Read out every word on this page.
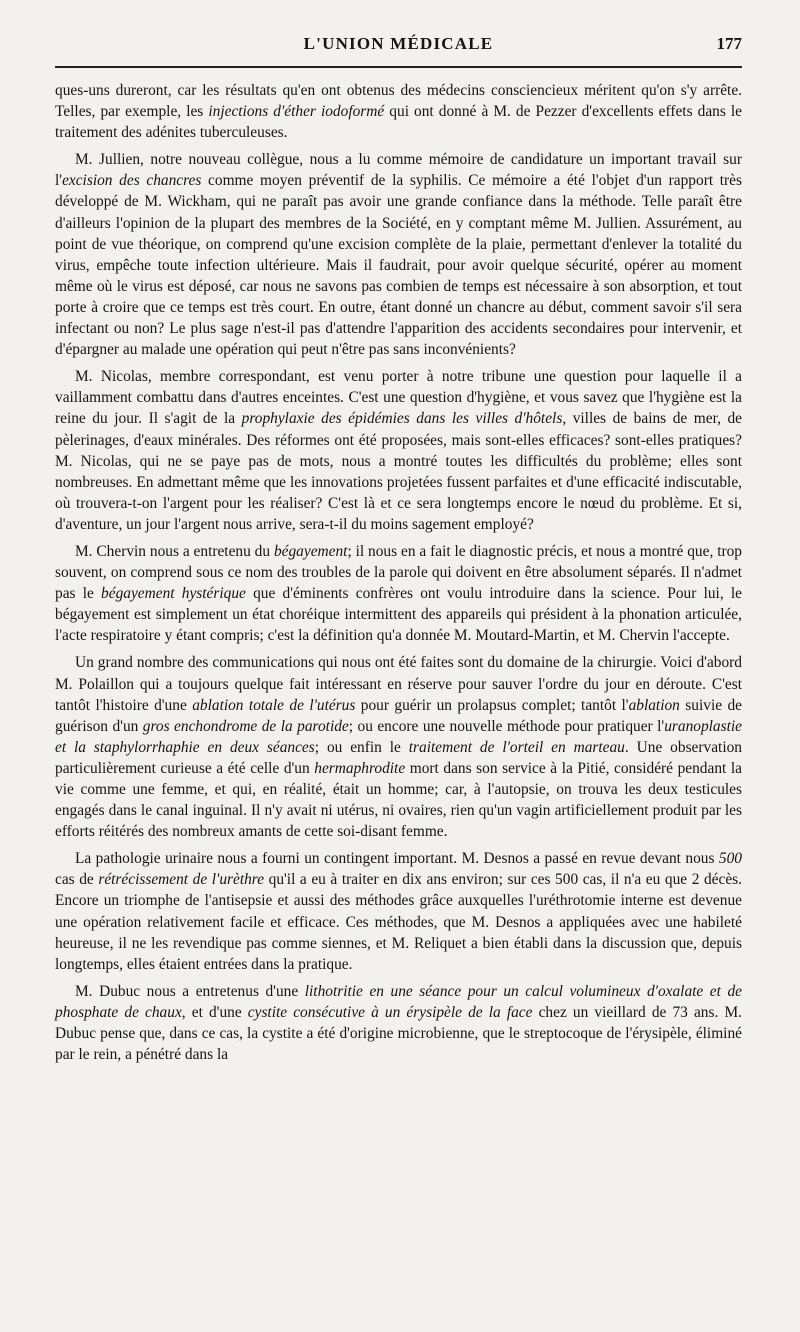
L'UNION MÉDICALE	177

ques-uns dureront, car les résultats qu'en ont obtenus des médecins consciencieux méritent qu'on s'y arrête. Telles, par exemple, les injections d'éther iodoformé qui ont donné à M. de Pezzer d'excellents effets dans le traitement des adénites tuberculeuses.

M. Jullien, notre nouveau collègue, nous a lu comme mémoire de candidature un important travail sur l'excision des chancres comme moyen préventif de la syphilis. Ce mémoire a été l'objet d'un rapport très développé de M. Wickham, qui ne paraît pas avoir une grande confiance dans la méthode. Telle paraît être d'ailleurs l'opinion de la plupart des membres de la Société, en y comptant même M. Jullien. Assurément, au point de vue théorique, on comprend qu'une excision complète de la plaie, permettant d'enlever la totalité du virus, empêche toute infection ultérieure. Mais il faudrait, pour avoir quelque sécurité, opérer au moment même où le virus est déposé, car nous ne savons pas combien de temps est nécessaire à son absorption, et tout porte à croire que ce temps est très court. En outre, étant donné un chancre au début, comment savoir s'il sera infectant ou non? Le plus sage n'est-il pas d'attendre l'apparition des accidents secondaires pour intervenir, et d'épargner au malade une opération qui peut n'être pas sans inconvénients?

M. Nicolas, membre correspondant, est venu porter à notre tribune une question pour laquelle il a vaillamment combattu dans d'autres enceintes. C'est une question d'hygiène, et vous savez que l'hygiène est la reine du jour. Il s'agit de la prophylaxie des épidémies dans les villes d'hôtels, villes de bains de mer, de pèlerinages, d'eaux minérales. Des réformes ont été proposées, mais sont-elles efficaces? sont-elles pratiques? M. Nicolas, qui ne se paye pas de mots, nous a montré toutes les difficultés du problème; elles sont nombreuses. En admettant même que les innovations projetées fussent parfaites et d'une efficacité indiscutable, où trouvera-t-on l'argent pour les réaliser? C'est là et ce sera longtemps encore le nœud du problème. Et si, d'aventure, un jour l'argent nous arrive, sera-t-il du moins sagement employé?

M. Chervin nous a entretenu du bégayement; il nous en a fait le diagnostic précis, et nous a montré que, trop souvent, on comprend sous ce nom des troubles de la parole qui doivent en être absolument séparés. Il n'admet pas le bégayement hystérique que d'éminents confrères ont voulu introduire dans la science. Pour lui, le bégayement est simplement un état choréique intermittent des appareils qui président à la phonation articulée, l'acte respiratoire y étant compris; c'est la définition qu'a donnée M. Moutard-Martin, et M. Chervin l'accepte.

Un grand nombre des communications qui nous ont été faites sont du domaine de la chirurgie. Voici d'abord M. Polaillon qui a toujours quelque fait intéressant en réserve pour sauver l'ordre du jour en déroute. C'est tantôt l'histoire d'une ablation totale de l'utérus pour guérir un prolapsus complet; tantôt l'ablation suivie de guérison d'un gros enchondrome de la parotide; ou encore une nouvelle méthode pour pratiquer l'uranoplastie et la staphylorrhaphie en deux séances; ou enfin le traitement de l'orteil en marteau. Une observation particulièrement curieuse a été celle d'un hermaphrodite mort dans son service à la Pitié, considéré pendant la vie comme une femme, et qui, en réalité, était un homme; car, à l'autopsie, on trouva les deux testicules engagés dans le canal inguinal. Il n'y avait ni utérus, ni ovaires, rien qu'un vagin artificiellement produit par les efforts réitérés des nombreux amants de cette soi-disant femme.

La pathologie urinaire nous a fourni un contingent important. M. Desnos a passé en revue devant nous 500 cas de rétrécissement de l'urèthre qu'il a eu à traiter en dix ans environ; sur ces 500 cas, il n'a eu que 2 décès. Encore un triomphe de l'antisepsie et aussi des méthodes grâce auxquelles l'uréthrotomie interne est devenue une opération relativement facile et efficace. Ces méthodes, que M. Desnos a appliquées avec une habileté heureuse, il ne les revendique pas comme siennes, et M. Reliquet a bien établi dans la discussion que, depuis longtemps, elles étaient entrées dans la pratique.

M. Dubuc nous a entretenus d'une lithotritie en une séance pour un calcul volumineux d'oxalate et de phosphate de chaux, et d'une cystite consécutive à un érysipèle de la face chez un vieillard de 73 ans. M. Dubuc pense que, dans ce cas, la cystite a été d'origine microbienne, que le streptocoque de l'érysipèle, éliminé par le rein, a pénétré dans la
